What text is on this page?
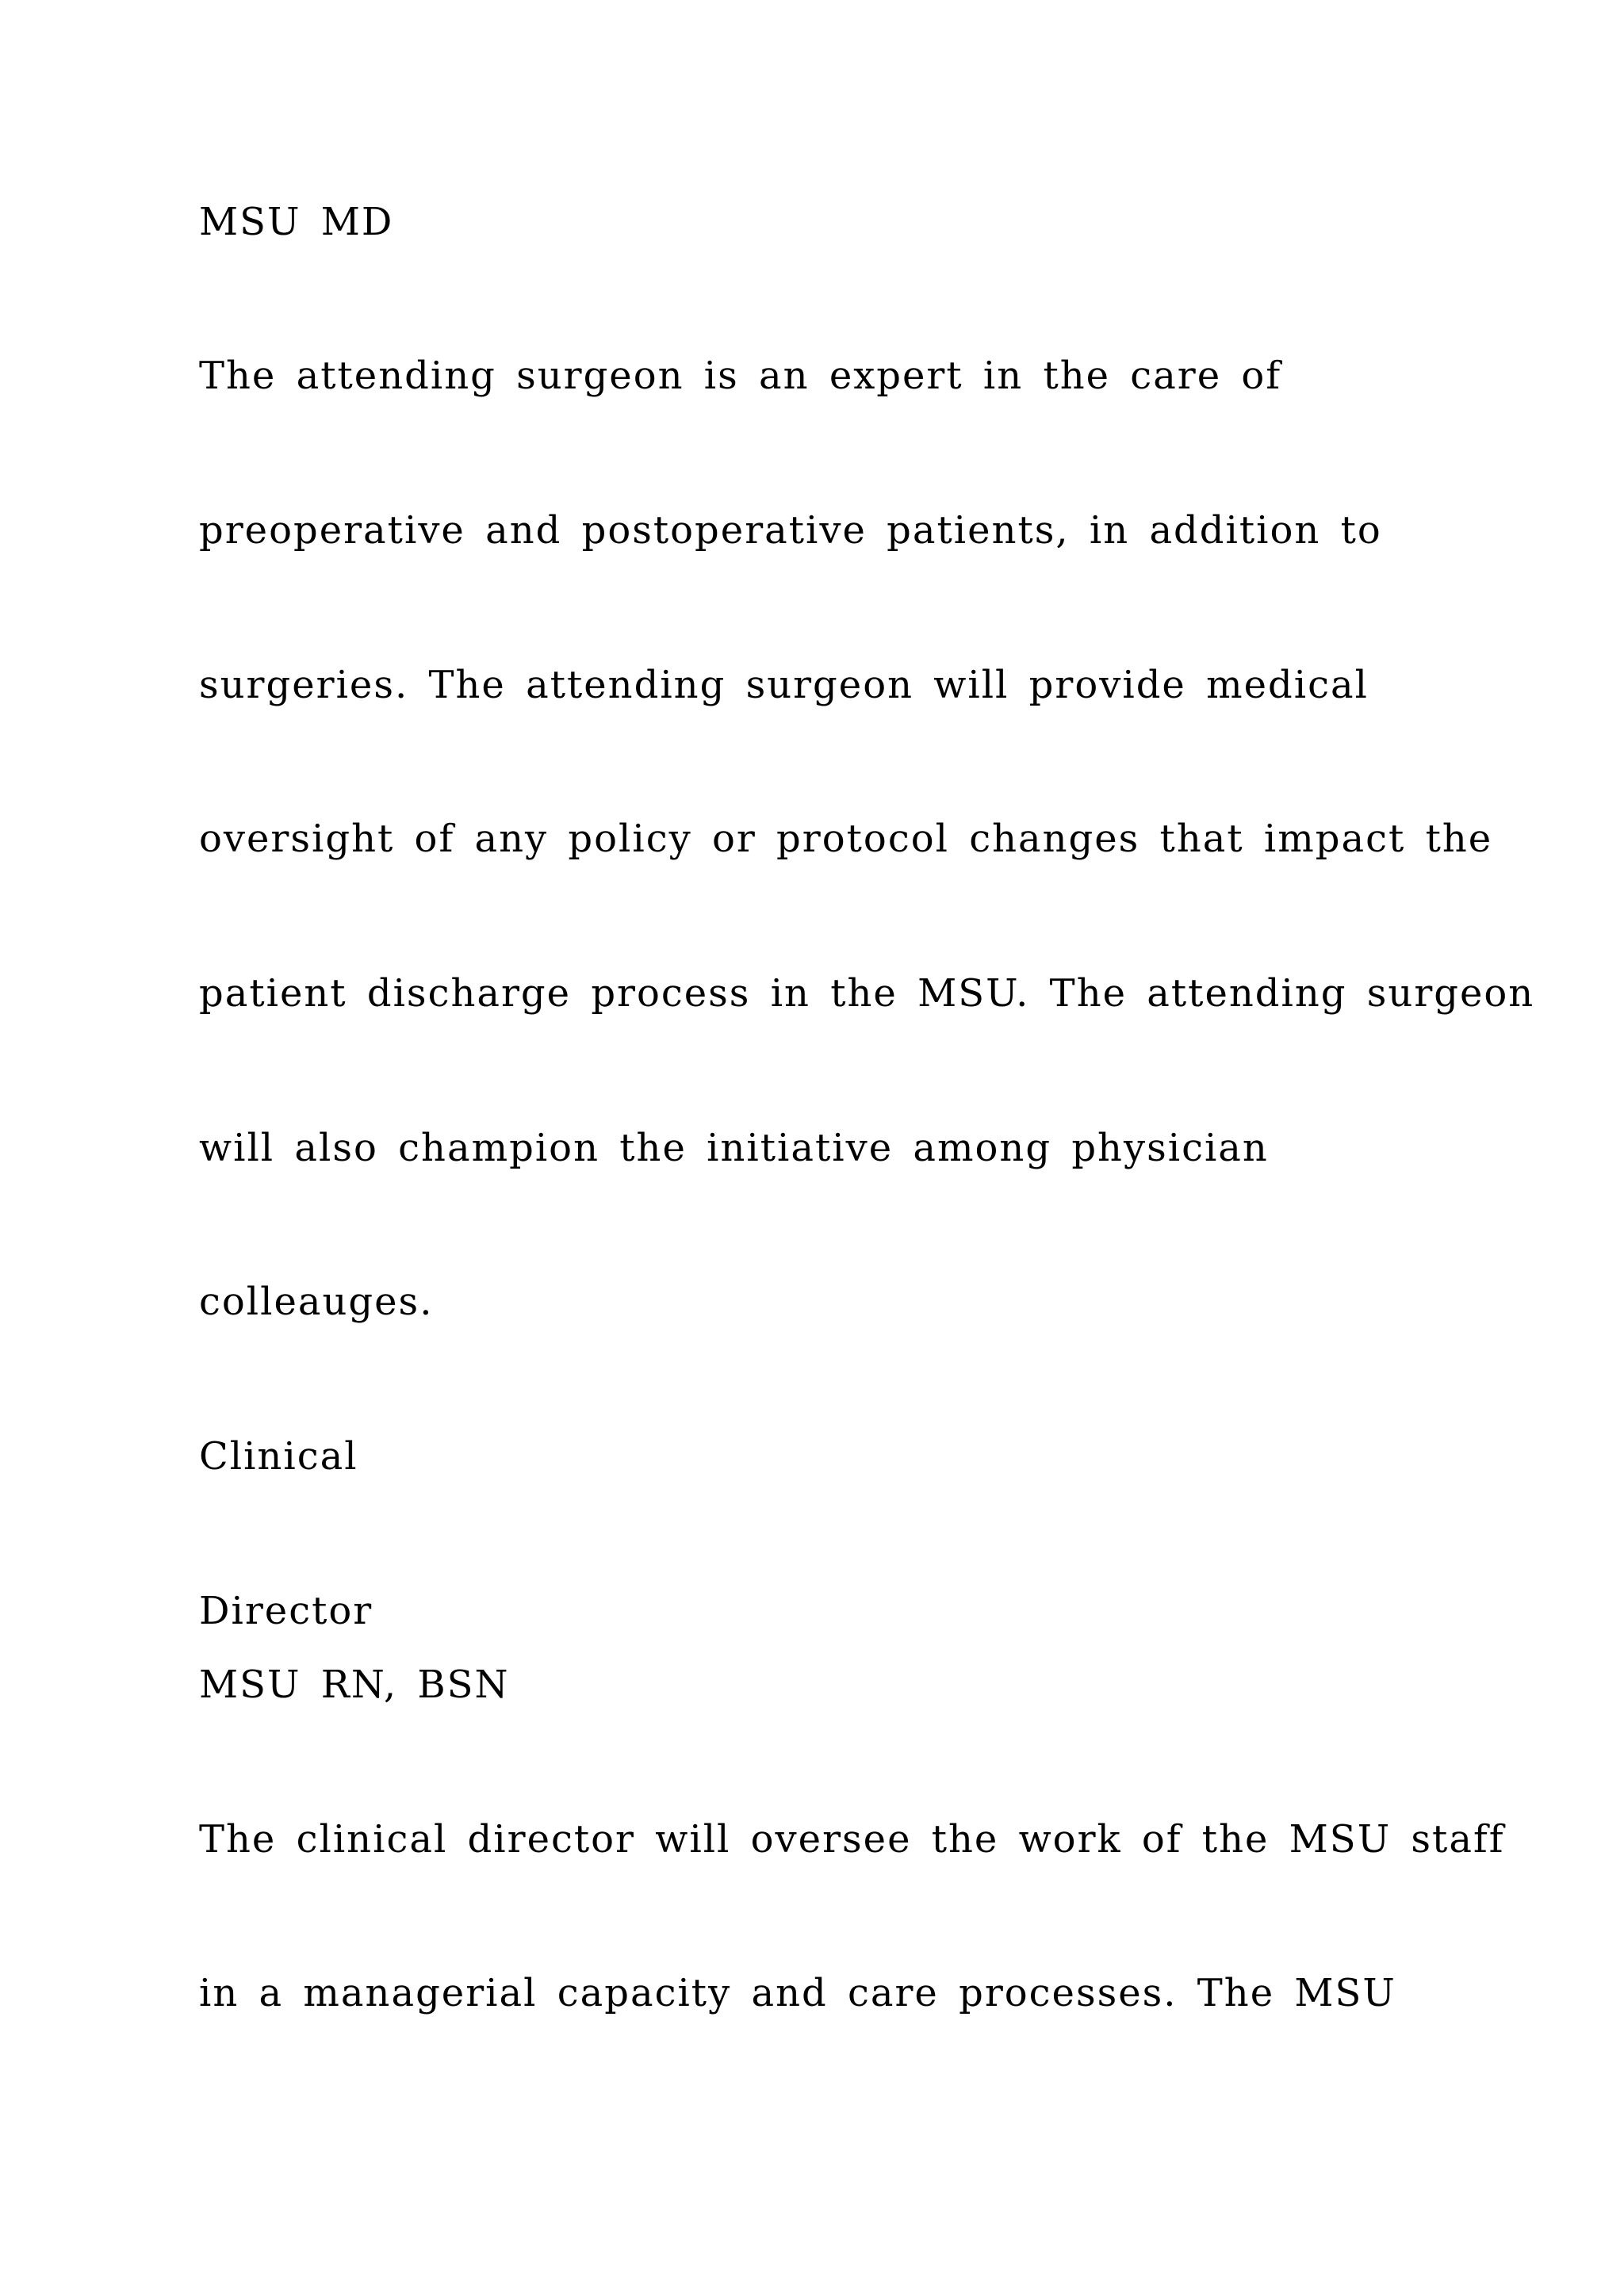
MSU MD

The attending surgeon is an expert in the care of

preoperative and postoperative patients, in addition to

surgeries. The attending surgeon will provide medical

oversight of any policy or protocol changes that impact the

patient discharge process in the MSU. The attending surgeon

will also champion the initiative among physician

colleauges.

Clinical

Director

MSU RN, BSN

The clinical director will oversee the work of the MSU staff

in a managerial capacity and care processes. The MSU
